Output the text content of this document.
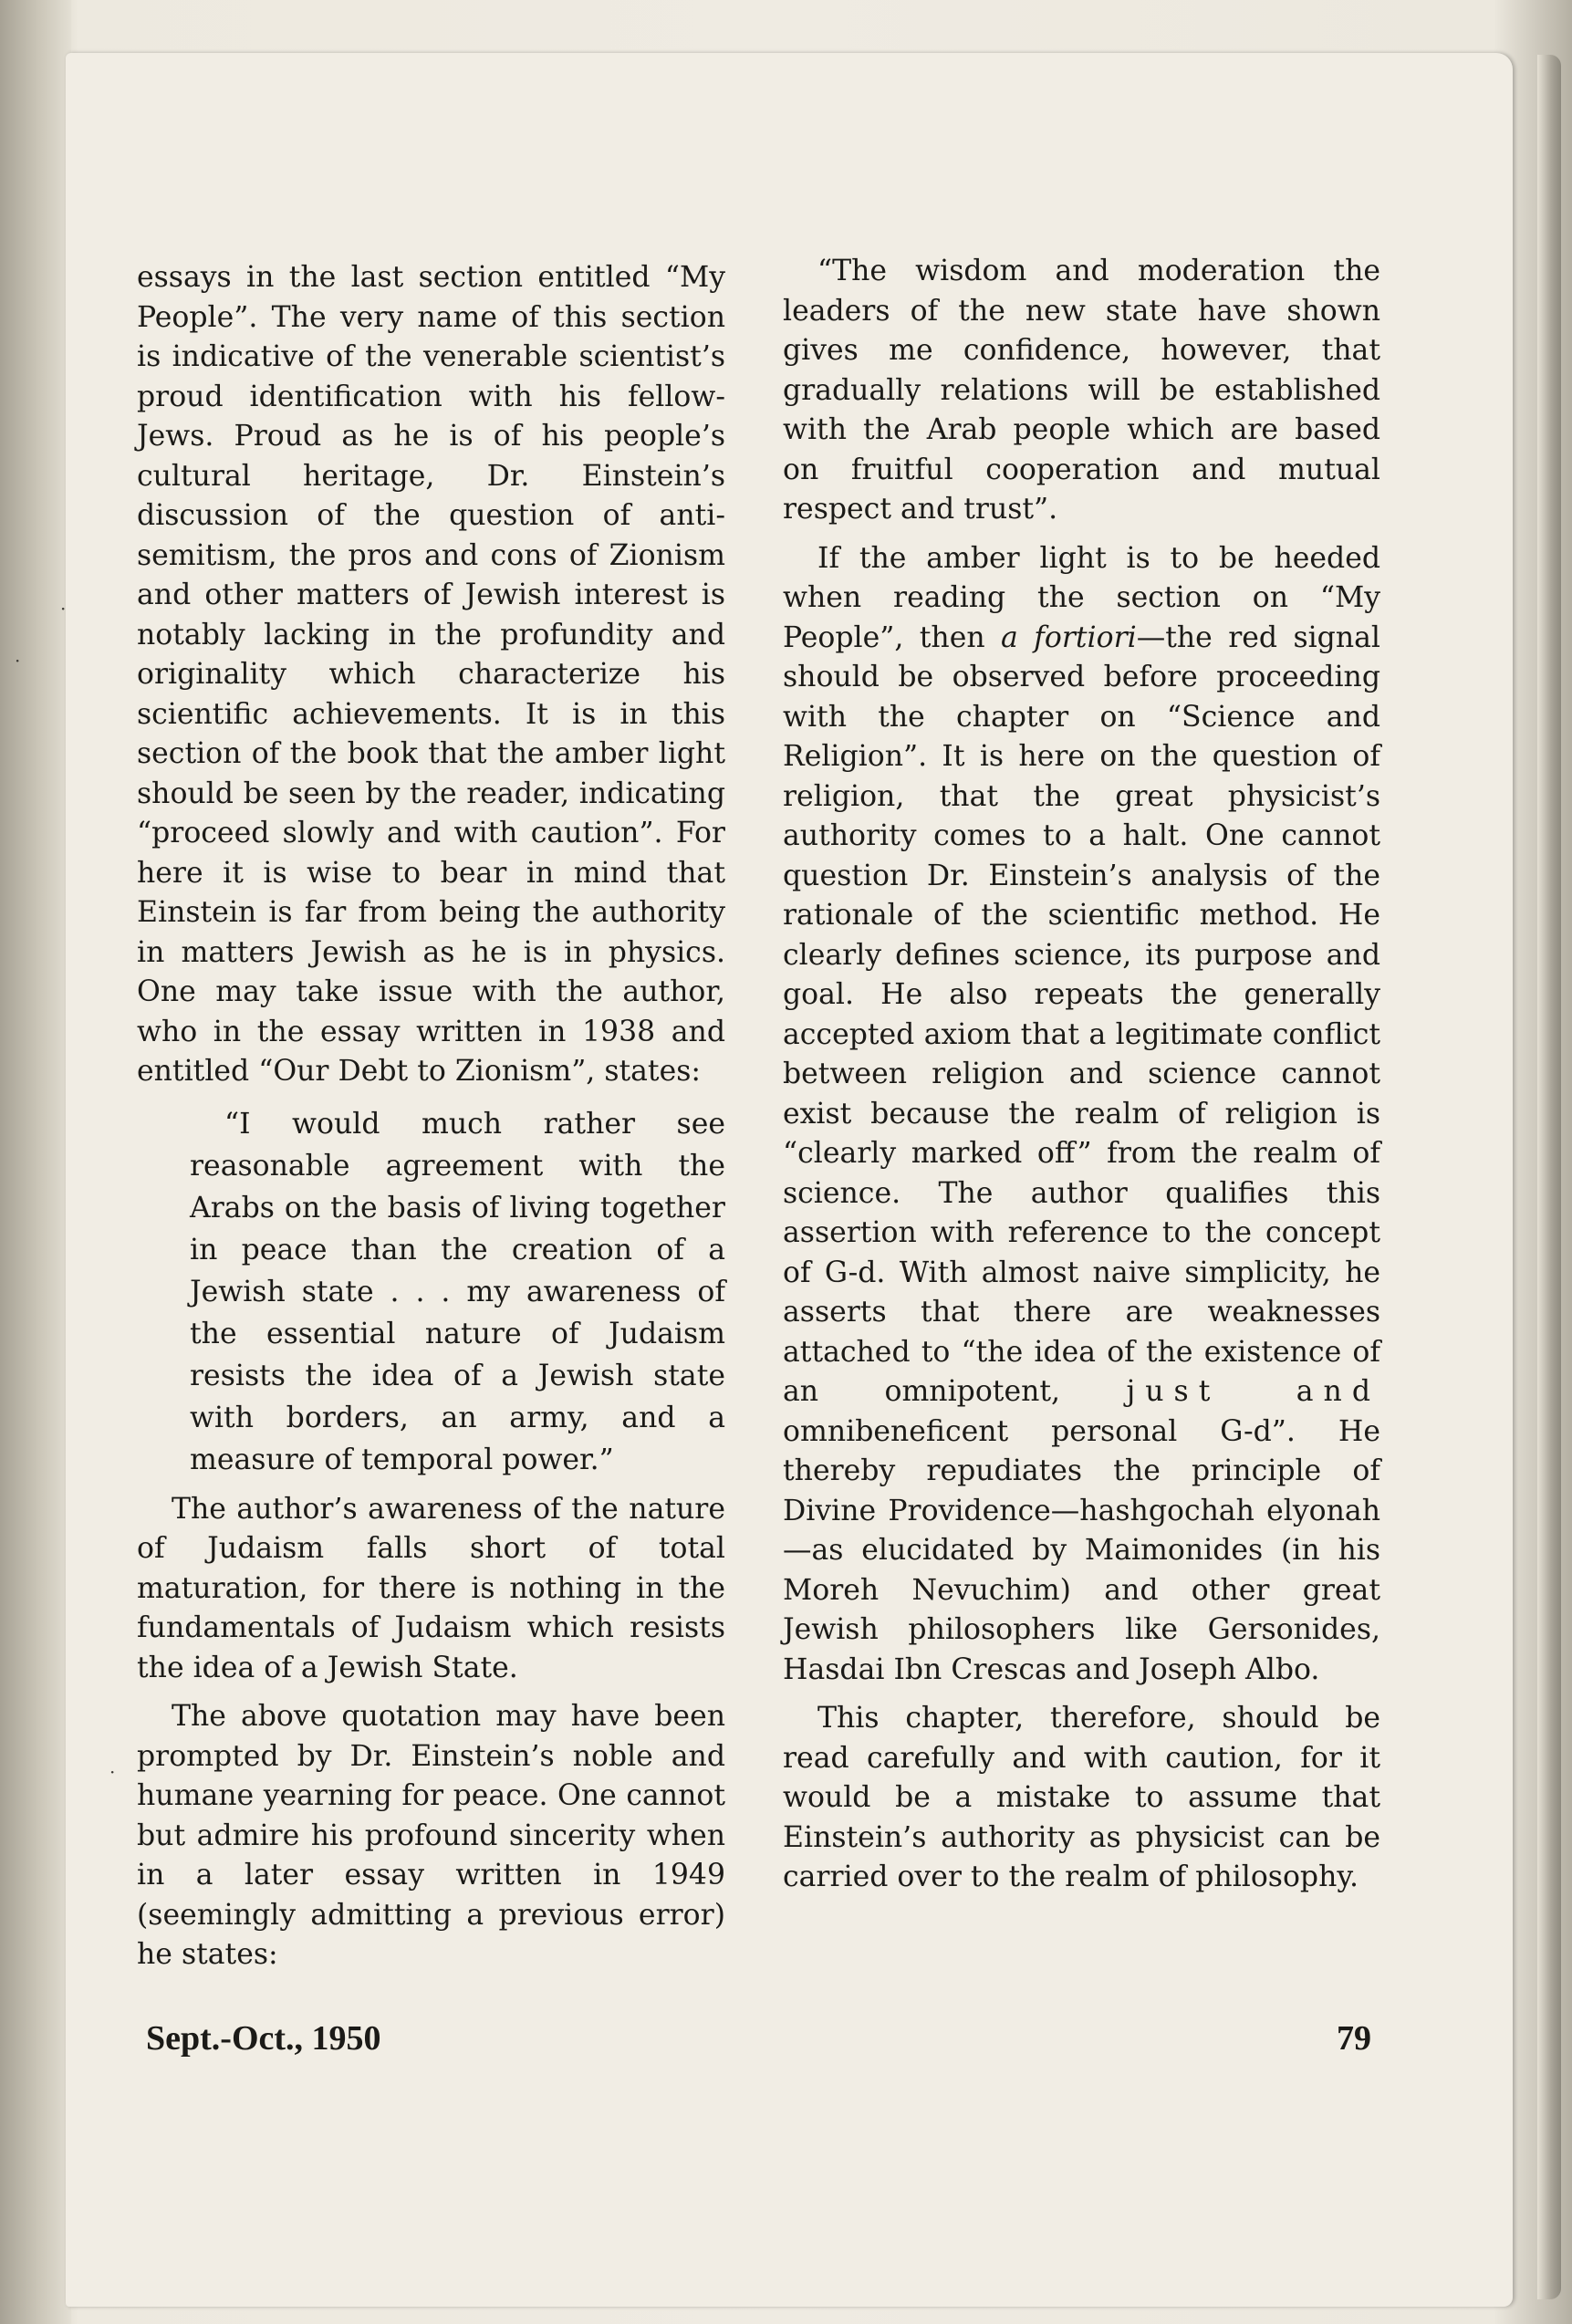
·
·
·

essays in the last section entitled “My People”. The very name of this section is indicative of the venerable scientist’s proud identification with his fellow-Jews. Proud as he is of his people’s cultural heritage, Dr. Einstein’s discussion of the question of anti-semitism, the pros and cons of Zionism and other matters of Jewish interest is notably lacking in the profundity and originality which characterize his scientific achievements. It is in this section of the book that the amber light should be seen by the reader, indicating “proceed slowly and with caution”. For here it is wise to bear in mind that Einstein is far from being the authority in matters Jewish as he is in physics. One may take issue with the author, who in the essay written in 1938 and entitled “Our Debt to Zionism”, states:

“I would much rather see reasonable agreement with the Arabs on the basis of living together in peace than the creation of a Jewish state . . . my awareness of the essential nature of Judaism resists the idea of a Jewish state with borders, an army, and a measure of temporal power.”

The author’s awareness of the nature of Judaism falls short of total maturation, for there is nothing in the fundamentals of Judaism which resists the idea of a Jewish State.

The above quotation may have been prompted by Dr. Einstein’s noble and humane yearning for peace. One cannot but admire his profound sincerity when in a later essay written in 1949 (seemingly admitting a previous error) he states:

“The wisdom and moderation the leaders of the new state have shown gives me confidence, however, that gradually relations will be established with the Arab people which are based on fruitful cooperation and mutual respect and trust”.

If the amber light is to be heeded when reading the section on “My People”, then a fortiori—the red signal should be observed before proceeding with the chapter on “Science and Religion”. It is here on the question of religion, that the great physicist’s authority comes to a halt. One cannot question Dr. Einstein’s analysis of the rationale of the scientific method. He clearly defines science, its purpose and goal. He also repeats the generally accepted axiom that a legitimate conflict between religion and science cannot exist because the realm of religion is “clearly marked off” from the realm of science. The author qualifies this assertion with reference to the concept of G-d. With almost naive simplicity, he asserts that there are weaknesses attached to “the idea of the existence of an omnipotent, just and omnibeneficent personal G-d”. He thereby repudiates the principle of Divine Providence—hashgochah elyonah—as elucidated by Maimonides (in his Moreh Nevuchim) and other great Jewish philosophers like Gersonides, Hasdai Ibn Crescas and Joseph Albo.

This chapter, therefore, should be read carefully and with caution, for it would be a mistake to assume that Einstein’s authority as physicist can be carried over to the realm of philosophy.

Sept.-Oct., 1950	79
